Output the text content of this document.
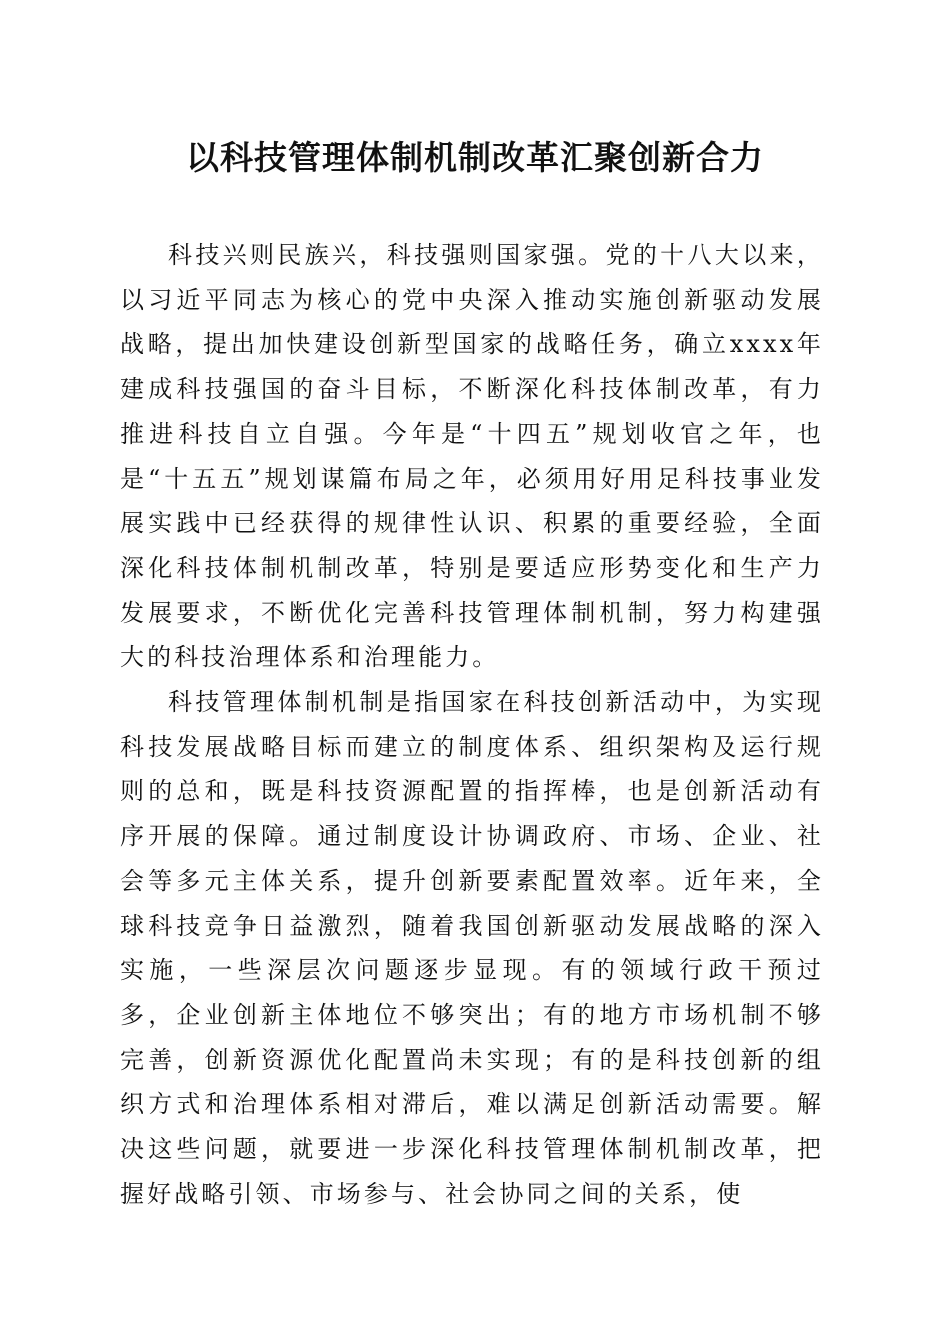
以科技管理体制机制改革汇聚创新合力

科技兴则民族兴，科技强则国家强。党的十八大以来，以习近平同志为核心的党中央深入推动实施创新驱动发展战略，提出加快建设创新型国家的战略任务，确立xxxx年建成科技强国的奋斗目标，不断深化科技体制改革，有力推进科技自立自强。今年是“十四五”规划收官之年，也是“十五五”规划谋篇布局之年，必须用好用足科技事业发展实践中已经获得的规律性认识、积累的重要经验，全面深化科技体制机制改革，特别是要适应形势变化和生产力发展要求，不断优化完善科技管理体制机制，努力构建强大的科技治理体系和治理能力。

科技管理体制机制是指国家在科技创新活动中，为实现科技发展战略目标而建立的制度体系、组织架构及运行规则的总和，既是科技资源配置的指挥棒，也是创新活动有序开展的保障。通过制度设计协调政府、市场、企业、社会等多元主体关系，提升创新要素配置效率。近年来，全球科技竞争日益激烈，随着我国创新驱动发展战略的深入实施，一些深层次问题逐步显现。有的领域行政干预过多，企业创新主体地位不够突出；有的地方市场机制不够完善，创新资源优化配置尚未实现；有的是科技创新的组织方式和治理体系相对滞后，难以满足创新活动需要。解决这些问题，就要进一步深化科技管理体制机制改革，把握好战略引领、市场参与、社会协同之间的关系，使
